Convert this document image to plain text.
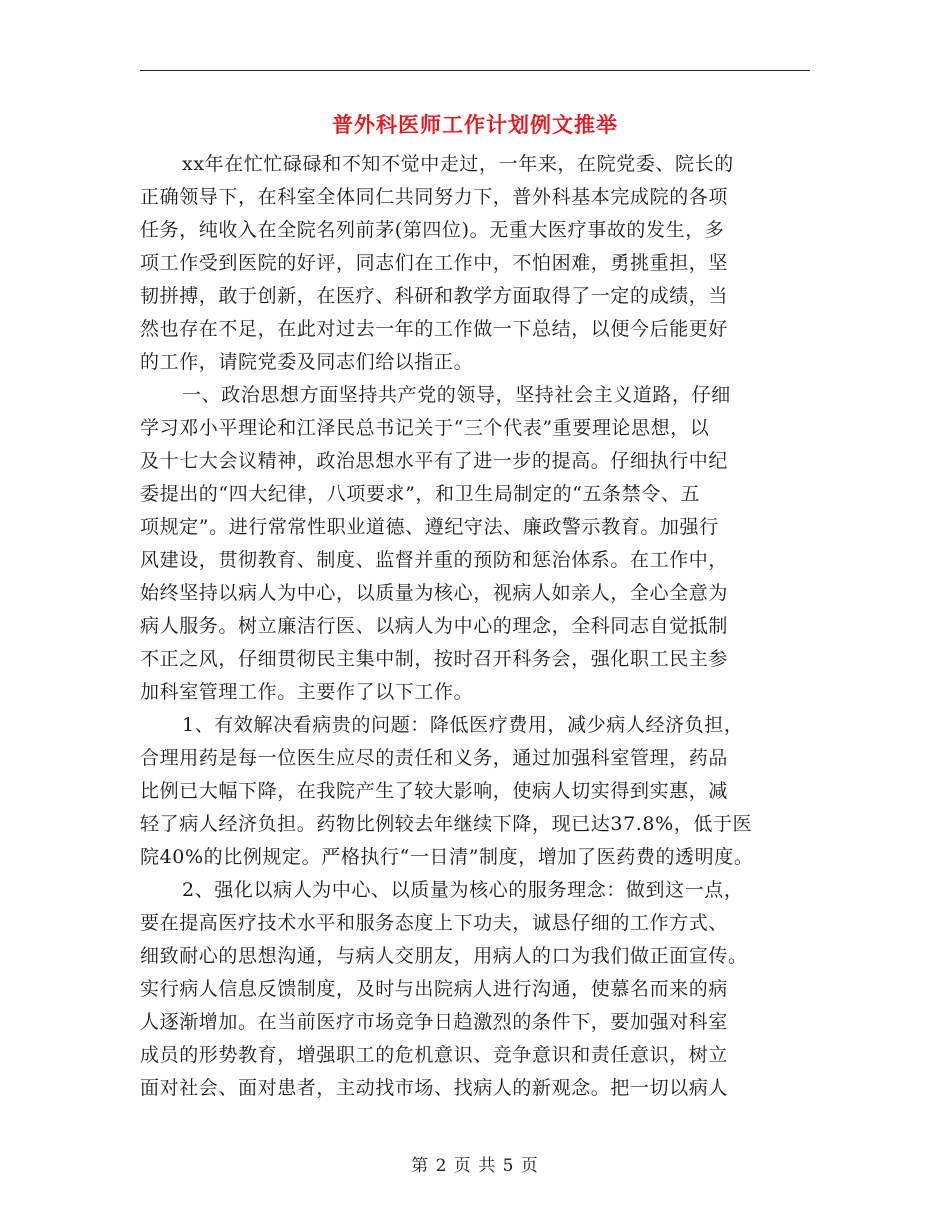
普外科医师工作计划例文推举
xx年在忙忙碌碌和不知不觉中走过，一年来，在院党委、院长的
正确领导下，在科室全体同仁共同努力下，普外科基本完成院的各项
任务，纯收入在全院名列前茅(第四位)。无重大医疗事故的发生，多
项工作受到医院的好评，同志们在工作中，不怕困难，勇挑重担，坚
韧拼搏，敢于创新，在医疗、科研和教学方面取得了一定的成绩，当
然也存在不足，在此对过去一年的工作做一下总结，以便今后能更好
的工作，请院党委及同志们给以指正。
一、政治思想方面坚持共产党的领导，坚持社会主义道路，仔细
学习邓小平理论和江泽民总书记关于“三个代表”重要理论思想，以
及十七大会议精神，政治思想水平有了进一步的提高。仔细执行中纪
委提出的“四大纪律，八项要求”，和卫生局制定的“五条禁令、五
项规定”。进行常常性职业道德、遵纪守法、廉政警示教育。加强行
风建设，贯彻教育、制度、监督并重的预防和惩治体系。在工作中，
始终坚持以病人为中心，以质量为核心，视病人如亲人，全心全意为
病人服务。树立廉洁行医、以病人为中心的理念，全科同志自觉抵制
不正之风，仔细贯彻民主集中制，按时召开科务会，强化职工民主参
加科室管理工作。主要作了以下工作。
1、有效解决看病贵的问题：降低医疗费用，减少病人经济负担，
合理用药是每一位医生应尽的责任和义务，通过加强科室管理，药品
比例已大幅下降，在我院产生了较大影响，使病人切实得到实惠，减
轻了病人经济负担。药物比例较去年继续下降，现已达37.8%，低于医
院40%的比例规定。严格执行“一日清”制度，增加了医药费的透明度。
2、强化以病人为中心、以质量为核心的服务理念：做到这一点，
要在提高医疗技术水平和服务态度上下功夫，诚恳仔细的工作方式、
细致耐心的思想沟通，与病人交朋友，用病人的口为我们做正面宣传。
实行病人信息反馈制度，及时与出院病人进行沟通，使慕名而来的病
人逐渐增加。在当前医疗市场竞争日趋激烈的条件下，要加强对科室
成员的形势教育，增强职工的危机意识、竞争意识和责任意识，树立
面对社会、面对患者，主动找市场、找病人的新观念。把一切以病人
第 2 页 共 5 页
